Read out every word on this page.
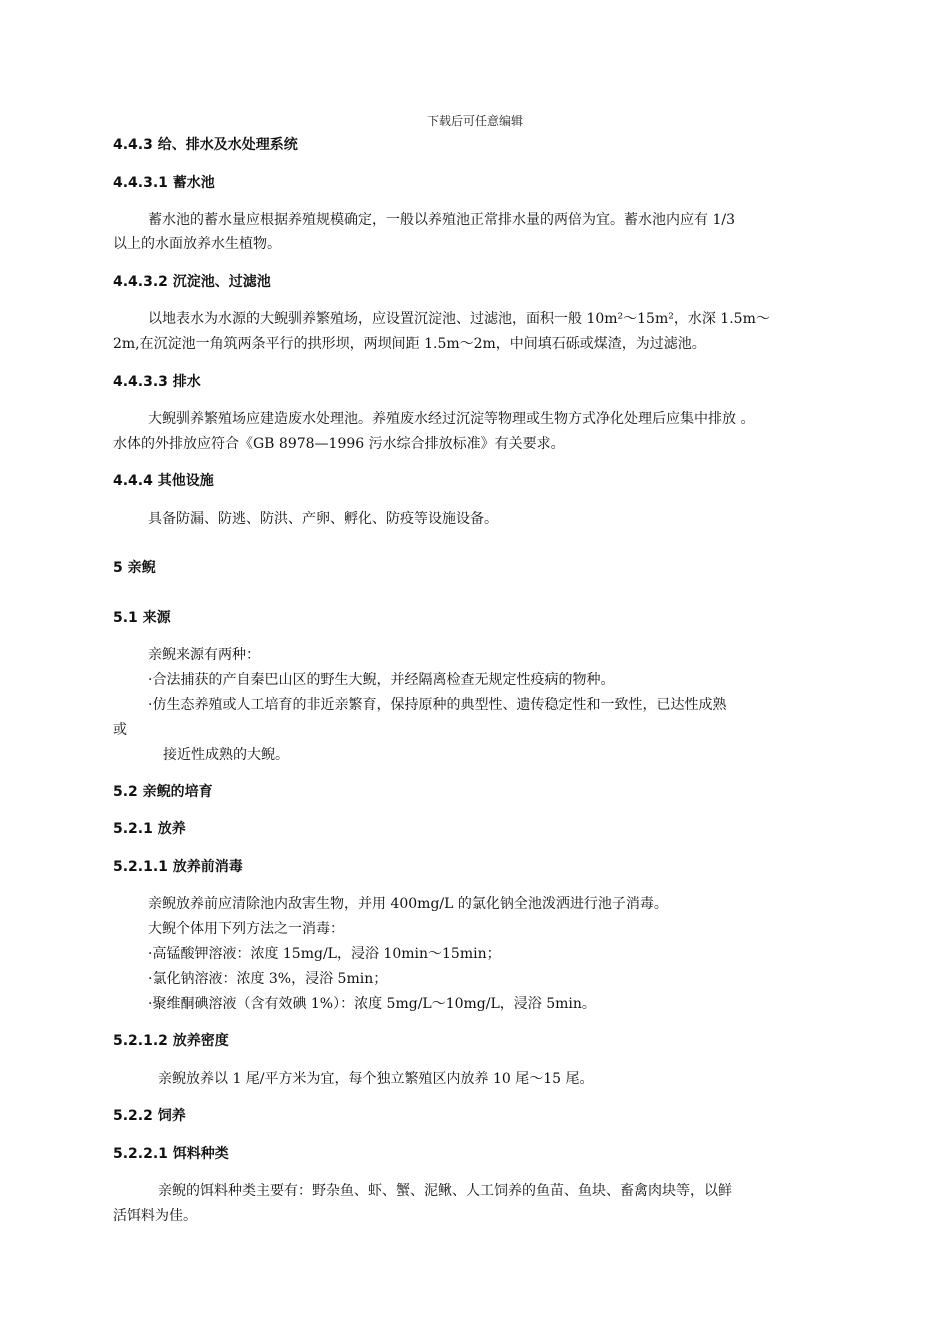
下载后可任意编辑
4.4.3 给、排水及水处理系统
4.4.3.1 蓄水池
蓄水池的蓄水量应根据养殖规模确定，一般以养殖池正常排水量的两倍为宜。蓄水池内应有 1/3
以上的水面放养水生植物。
4.4.3.2 沉淀池、过滤池
以地表水为水源的大鲵驯养繁殖场，应设置沉淀池、过滤池，面积一般 10m²～15m²，水深 1.5m～
2m,在沉淀池一角筑两条平行的拱形坝，两坝间距 1.5m～2m，中间填石砾或煤渣，为过滤池。
4.4.3.3 排水
大鲵驯养繁殖场应建造废水处理池。养殖废水经过沉淀等物理或生物方式净化处理后应集中排放 。
水体的外排放应符合《GB 8978—1996 污水综合排放标准》有关要求。
4.4.4 其他设施
具备防漏、防逃、防洪、产卵、孵化、防疫等设施设备。
5 亲鲵
5.1 来源
亲鲵来源有两种：
·合法捕获的产自秦巴山区的野生大鲵，并经隔离检查无规定性疫病的物种。
·仿生态养殖或人工培育的非近亲繁育，保持原种的典型性、遗传稳定性和一致性，已达性成熟
或
接近性成熟的大鲵。
5.2 亲鲵的培育
5.2.1 放养
5.2.1.1 放养前消毒
亲鲵放养前应清除池内敌害生物，并用 400mg/L 的氯化钠全池泼洒进行池子消毒。
大鲵个体用下列方法之一消毒：
·高锰酸钾溶液：浓度 15mg/L，浸浴 10min～15min；
·氯化钠溶液：浓度 3%，浸浴 5min；
·聚维酮碘溶液（含有效碘 1%）：浓度 5mg/L～10mg/L，浸浴 5min。
5.2.1.2 放养密度
亲鲵放养以 1 尾/平方米为宜，每个独立繁殖区内放养 10 尾～15 尾。
5.2.2 饲养
5.2.2.1 饵料种类
亲鲵的饵料种类主要有：野杂鱼、虾、蟹、泥鳅、人工饲养的鱼苗、鱼块、畜禽肉块等，以鲜
活饵料为佳。
